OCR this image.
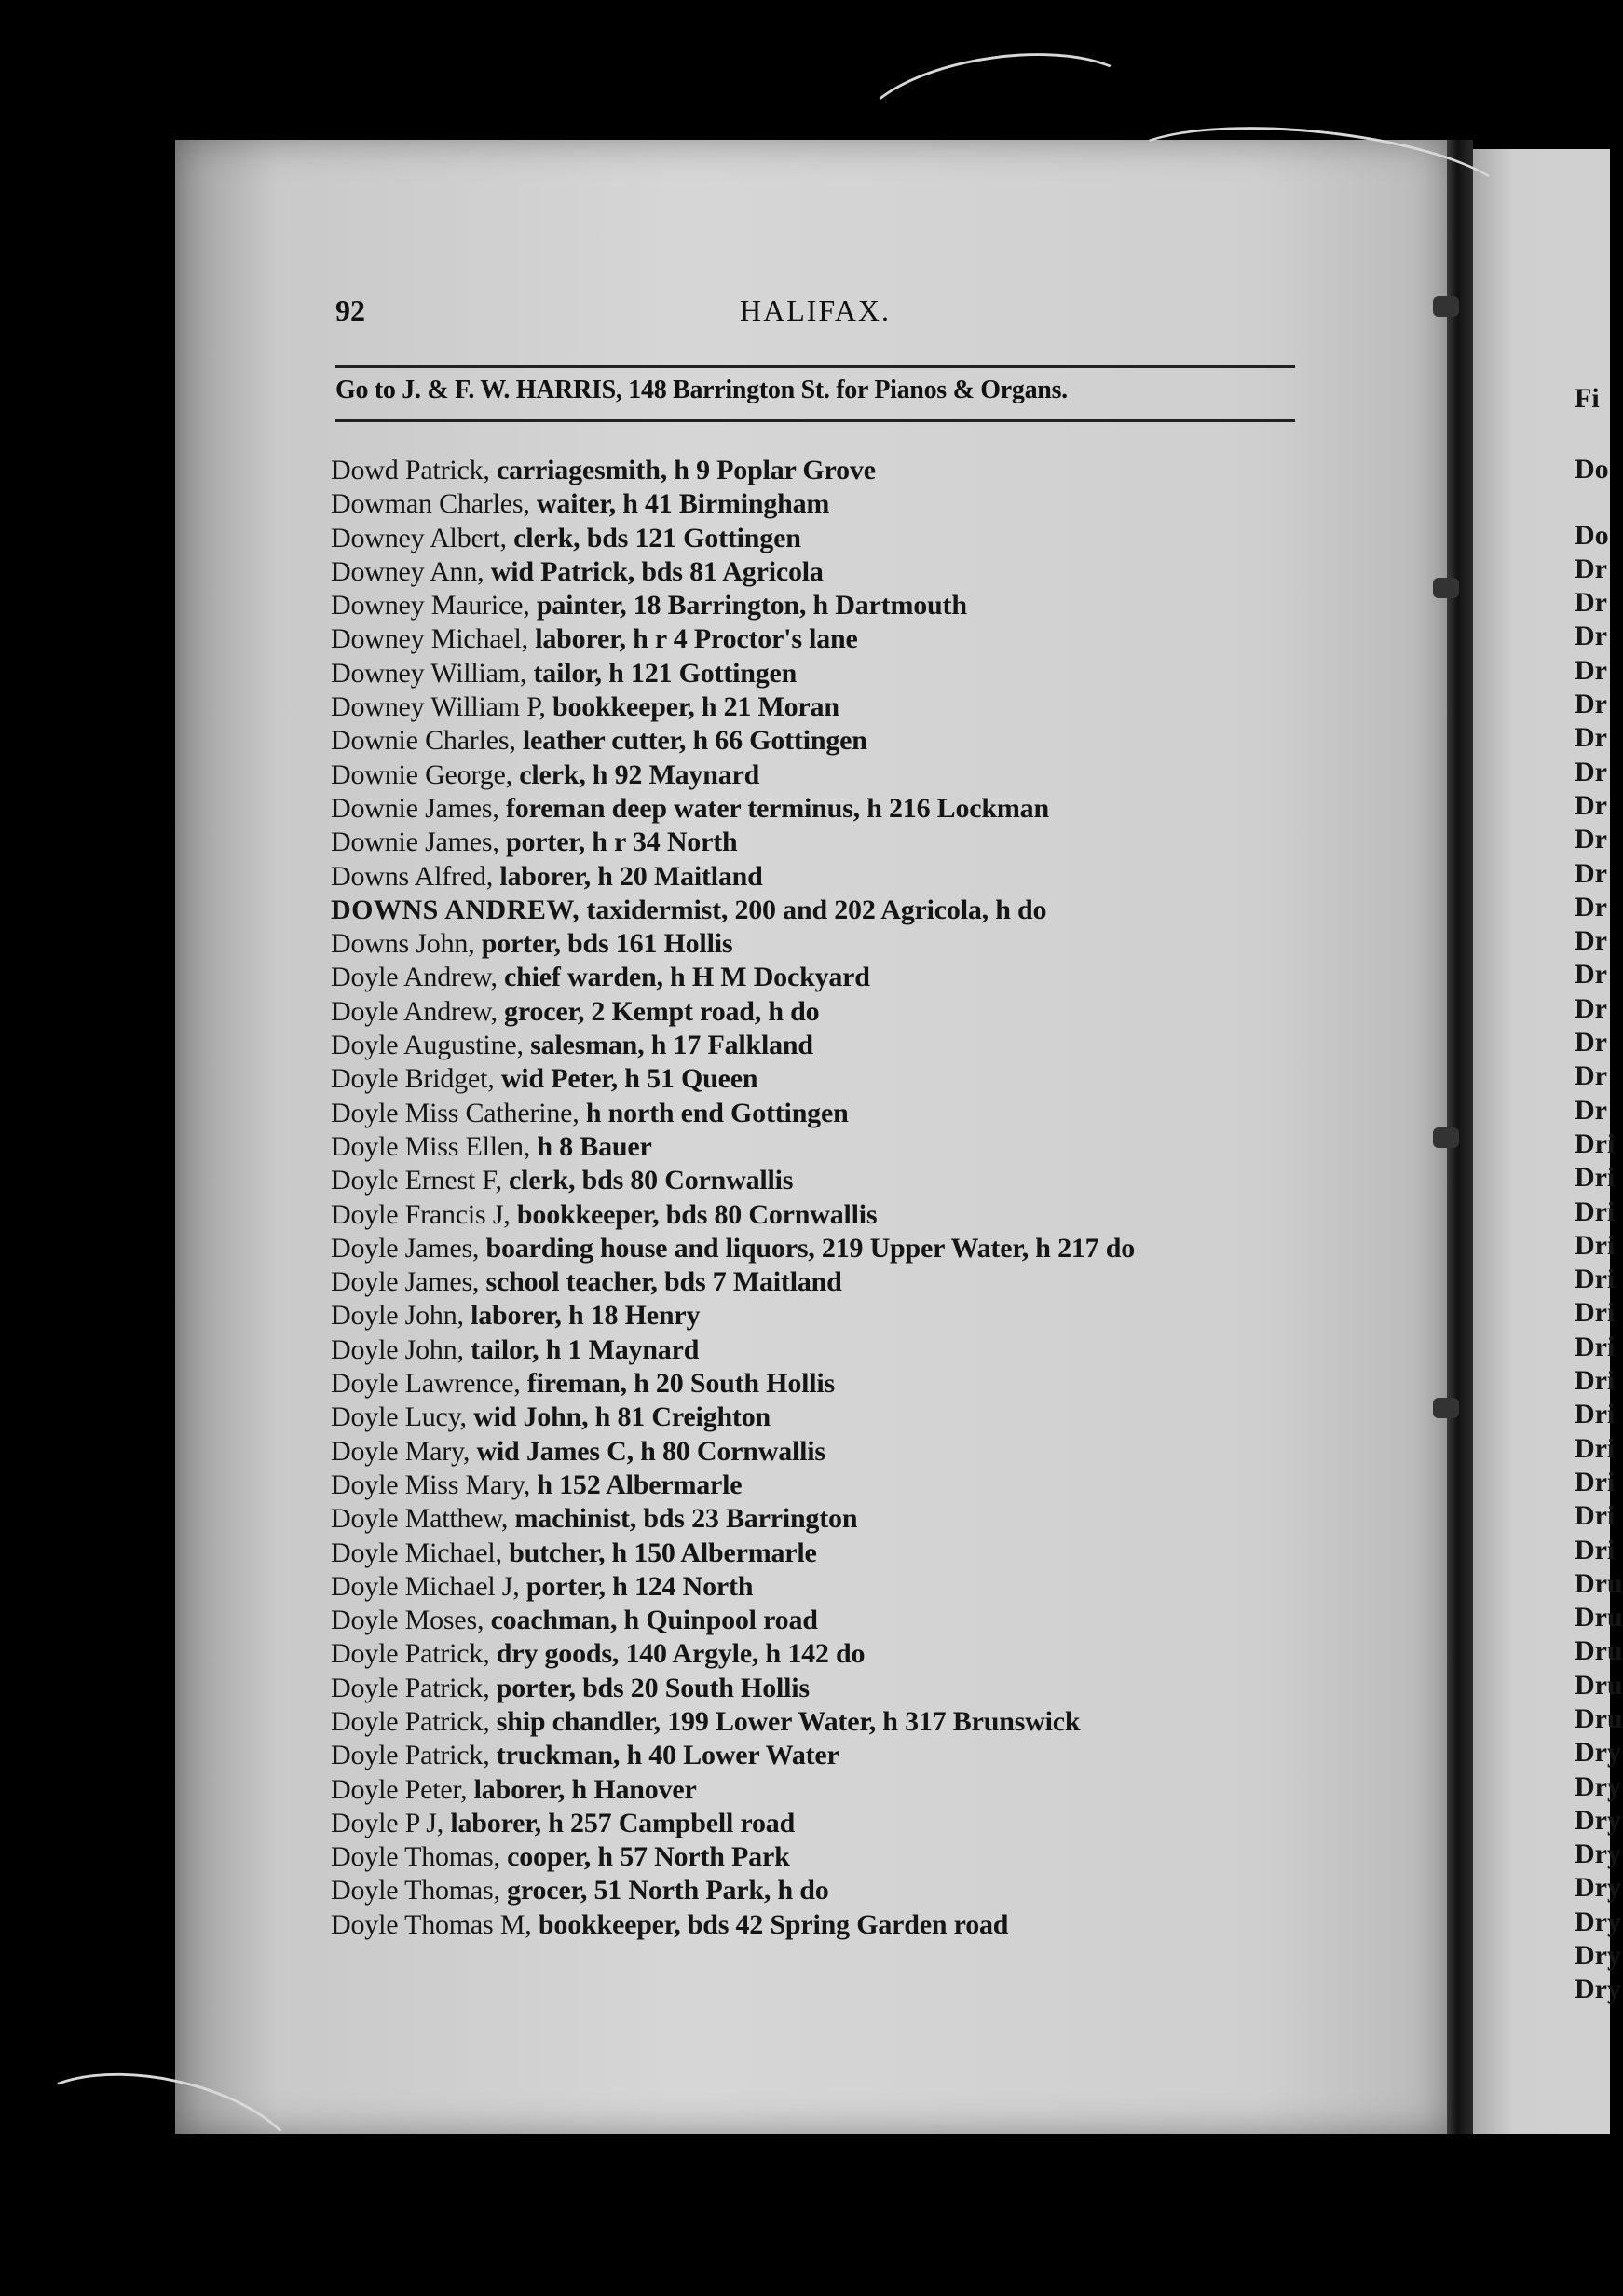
92	HALIFAX.
Go to J. & F. W. HARRIS, 148 Barrington St. for Pianos & Organs.
Dowd Patrick, carriagesmith, h 9 Poplar Grove
Dowman Charles, waiter, h 41 Birmingham
Downey Albert, clerk, bds 121 Gottingen
Downey Ann, wid Patrick, bds 81 Agricola
Downey Maurice, painter, 18 Barrington, h Dartmouth
Downey Michael, laborer, h r 4 Proctor's lane
Downey William, tailor, h 121 Gottingen
Downey William P, bookkeeper, h 21 Moran
Downie Charles, leather cutter, h 66 Gottingen
Downie George, clerk, h 92 Maynard
Downie James, foreman deep water terminus, h 216 Lockman
Downie James, porter, h r 34 North
Downs Alfred, laborer, h 20 Maitland
DOWNS ANDREW, taxidermist, 200 and 202 Agricola, h do
Downs John, porter, bds 161 Hollis
Doyle Andrew, chief warden, h H M Dockyard
Doyle Andrew, grocer, 2 Kempt road, h do
Doyle Augustine, salesman, h 17 Falkland
Doyle Bridget, wid Peter, h 51 Queen
Doyle Miss Catherine, h north end Gottingen
Doyle Miss Ellen, h 8 Bauer
Doyle Ernest F, clerk, bds 80 Cornwallis
Doyle Francis J, bookkeeper, bds 80 Cornwallis
Doyle James, boarding house and liquors, 219 Upper Water, h 217 do
Doyle James, school teacher, bds 7 Maitland
Doyle John, laborer, h 18 Henry
Doyle John, tailor, h 1 Maynard
Doyle Lawrence, fireman, h 20 South Hollis
Doyle Lucy, wid John, h 81 Creighton
Doyle Mary, wid James C, h 80 Cornwallis
Doyle Miss Mary, h 152 Albermarle
Doyle Matthew, machinist, bds 23 Barrington
Doyle Michael, butcher, h 150 Albermarle
Doyle Michael J, porter, h 124 North
Doyle Moses, coachman, h Quinpool road
Doyle Patrick, dry goods, 140 Argyle, h 142 do
Doyle Patrick, porter, bds 20 South Hollis
Doyle Patrick, ship chandler, 199 Lower Water, h 317 Brunswick
Doyle Patrick, truckman, h 40 Lower Water
Doyle Peter, laborer, h Hanover
Doyle P J, laborer, h 257 Campbell road
Doyle Thomas, cooper, h 57 North Park
Doyle Thomas, grocer, 51 North Park, h do
Doyle Thomas M, bookkeeper, bds 42 Spring Garden road
Fi
Do
Do
Dr
Dr
Dr
Dr
Dr
Dr
Dr
Dr
Dr
Dr
Dr
Dr
Dr
Dr
Dr
Dr
Dr
Dri
Dri
Dri
Dri
Dri
Dri
Dri
Dri
Dri
Dri
Dri
Dri
Dri
Dru
Dru
Dru
Dru
Dru
Dry
Dry
Dry
Dry
Dry
Dry
Dry
Dry
